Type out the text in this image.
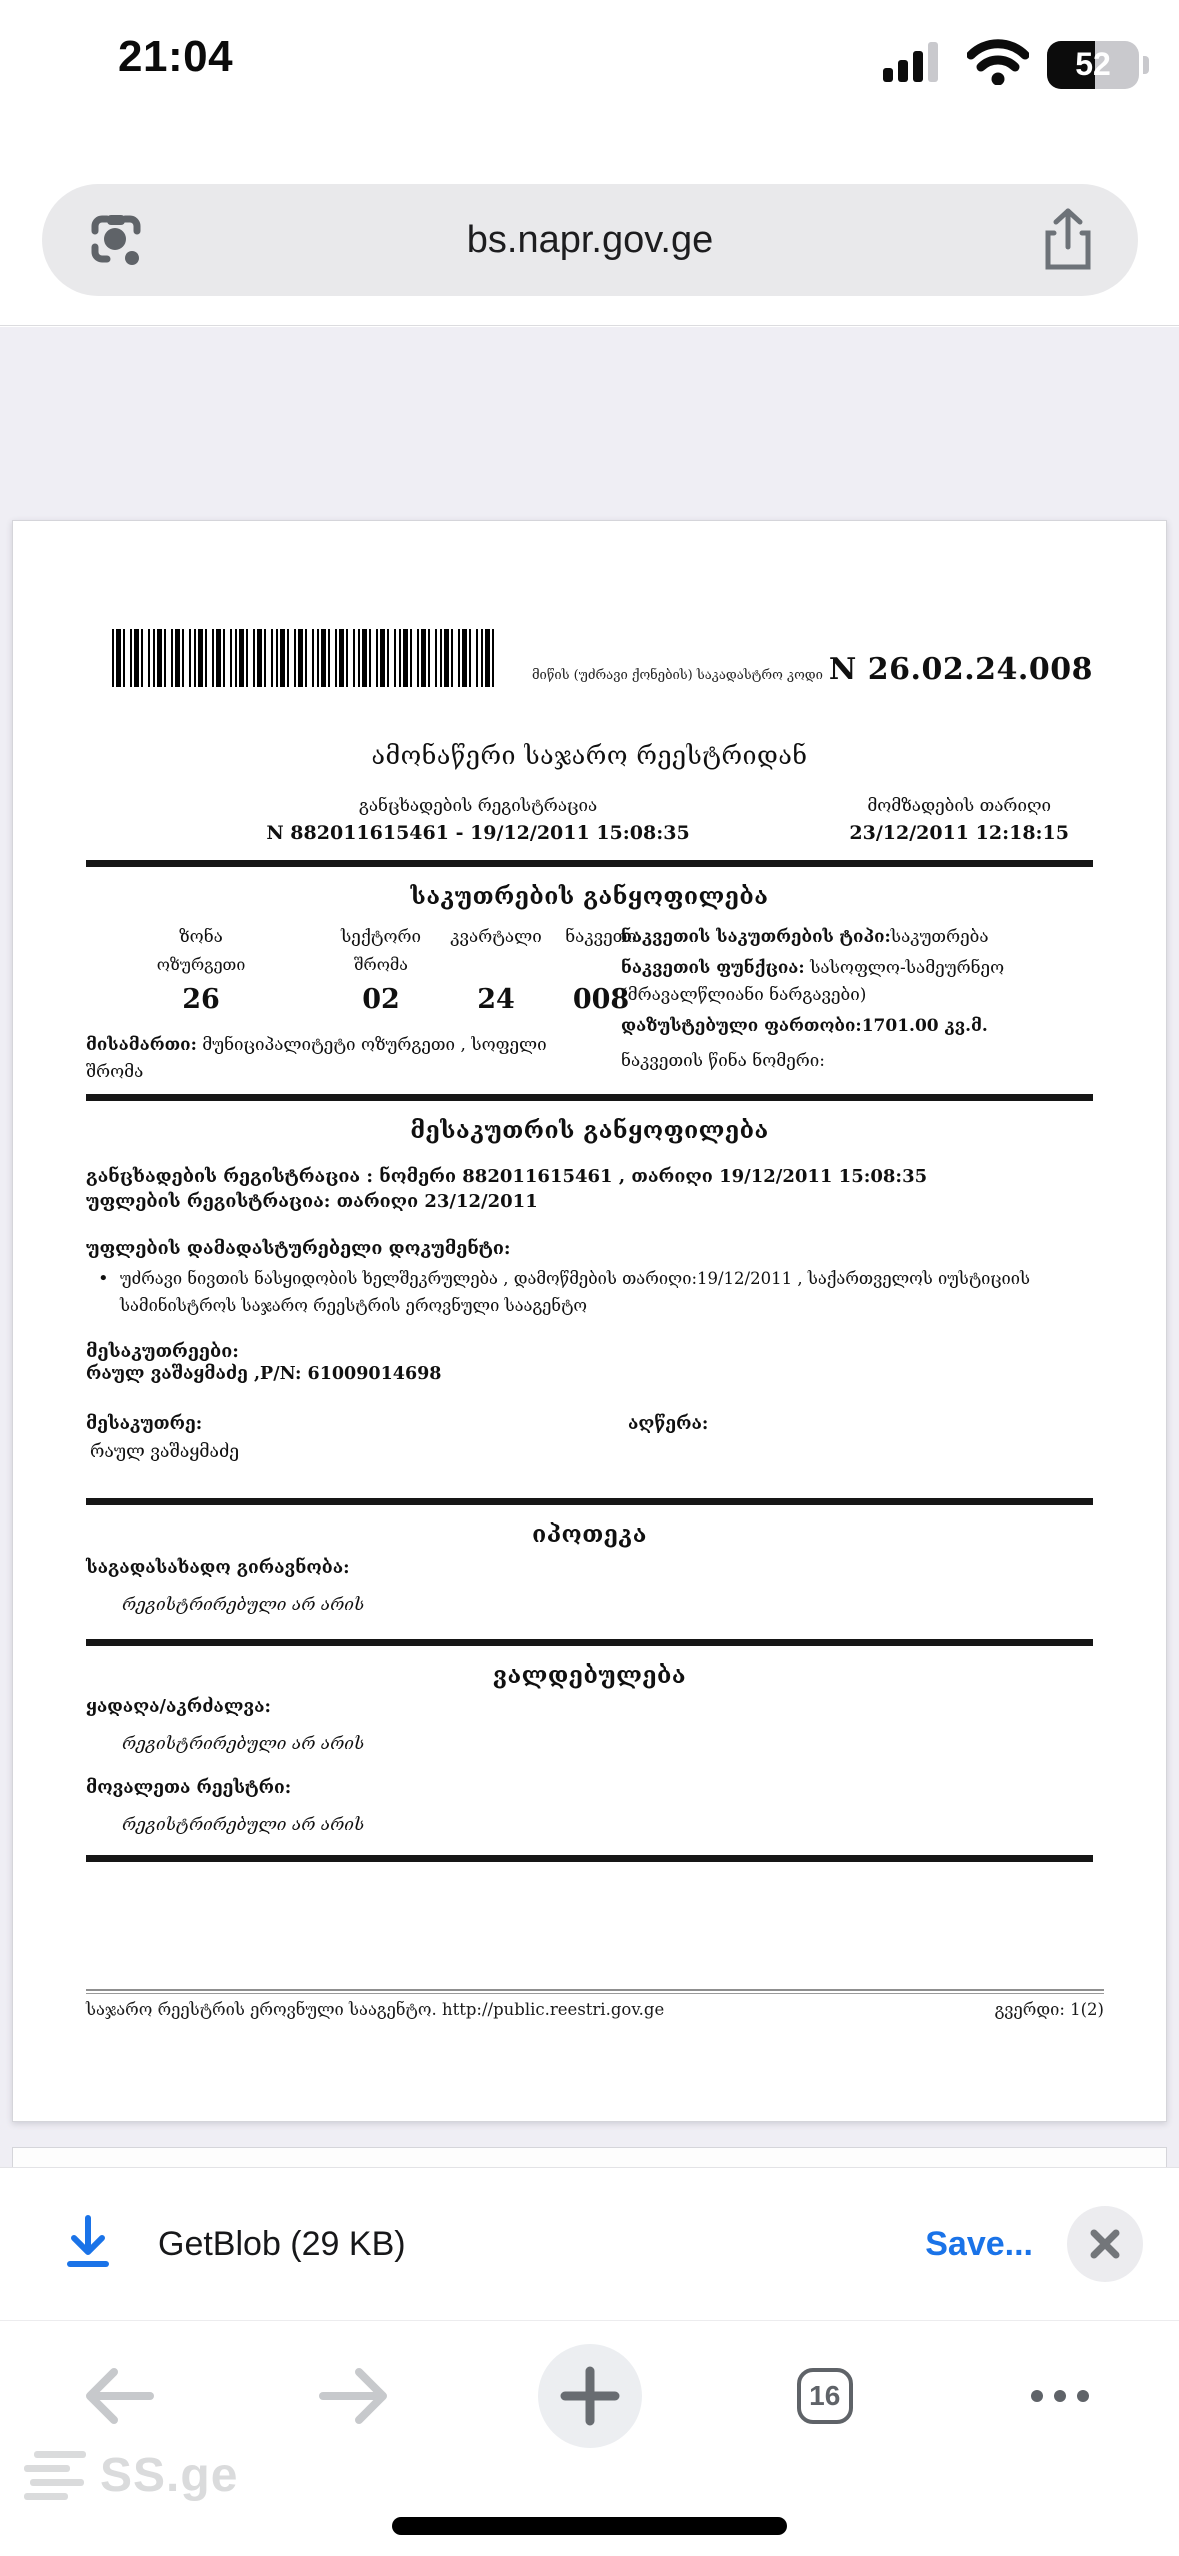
21:04	52
bs.napr.gov.ge
მიწის (უძრავი ქონების) საკადასტრო კოდი N 26.02.24.008
ამონაწერი საჯარო რეესტრიდან
განცხადების რეგისტრაცია
N 882011615461 - 19/12/2011 15:08:35
მომზადების თარიღი
23/12/2011 12:18:15
საკუთრების განყოფილება
ზონა	სექტორი	კვარტალი	ნაკვეთი
ოზურგეთი	შრომა
26	02	24	008
მისამართი: მუნიციპალიტეტი ოზურგეთი , სოფელი შრომა
ნაკვეთის საკუთრების ტიპი:საკუთრება
ნაკვეთის ფუნქცია: სასოფლო-სამეურნეო (მრავალწლიანი ნარგავები)
დაზუსტებული ფართობი:1701.00 კვ.მ.
ნაკვეთის წინა ნომერი:
მესაკუთრის განყოფილება
განცხადების რეგისტრაცია : ნომერი 882011615461 , თარიღი 19/12/2011 15:08:35
უფლების რეგისტრაცია: თარიღი 23/12/2011
უფლების დამადასტურებელი დოკუმენტი:
• უძრავი ნივთის ნასყიდობის ხელშეკრულება , დამოწმების თარიღი:19/12/2011 , საქართველოს იუსტიციის სამინისტროს საჯარო რეესტრის ეროვნული სააგენტო
მესაკუთრეები:
რაულ ვაშაყმაძე ,P/N: 61009014698
მესაკუთრე:	აღწერა:
რაულ ვაშაყმაძე
იპოთეკა
საგადასახადო გირავნობა:
რეგისტრირებული არ არის
ვალდებულება
ყადაღა/აკრძალვა:
რეგისტრირებული არ არის
მოვალეთა რეესტრი:
რეგისტრირებული არ არის
საჯარო რეესტრის ეროვნული სააგენტო. http://public.reestri.gov.ge	გვერდი: 1(2)
GetBlob (29 KB)	Save...
16
SS.ge
